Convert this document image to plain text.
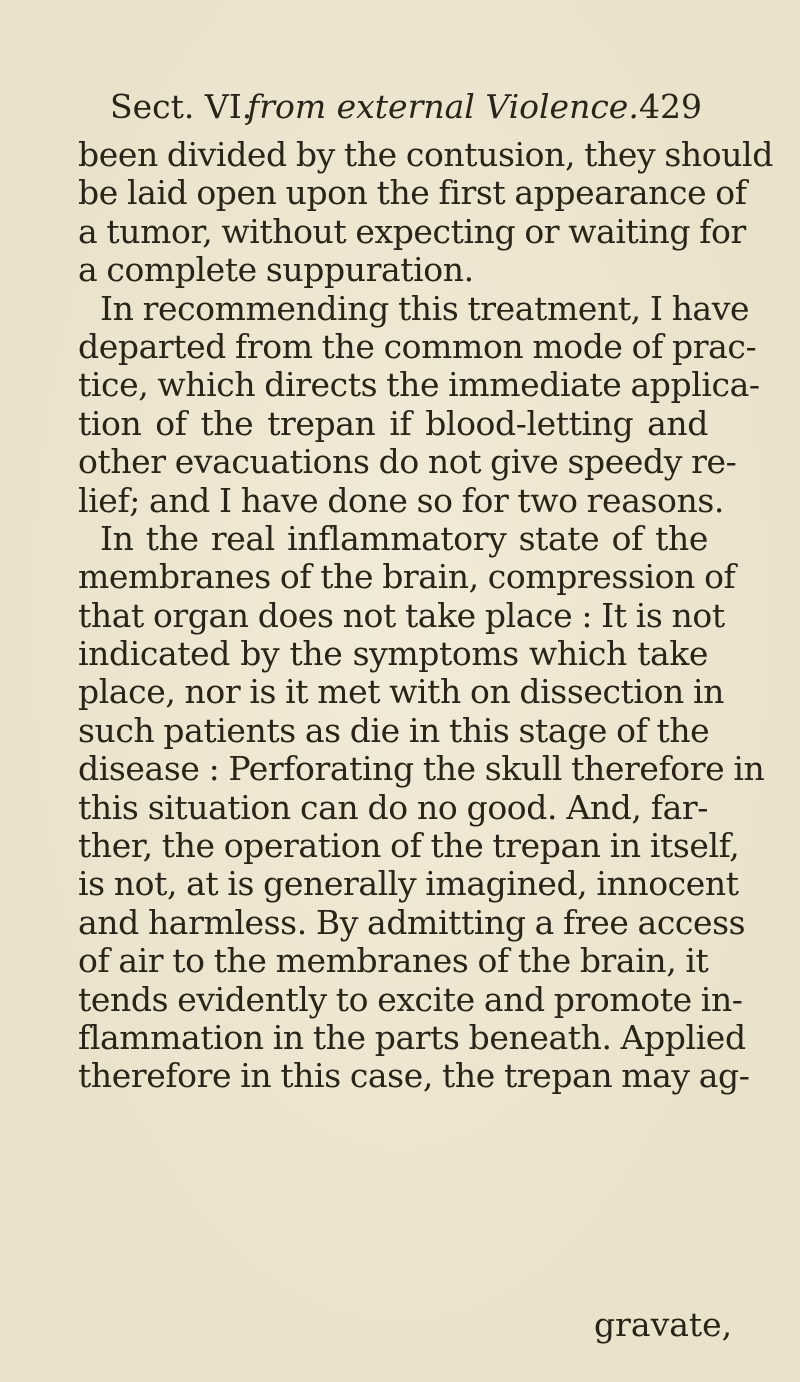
Sect. VI.
from external Violence. 429
been divided by the contusion, they should
be laid open upon the first appearance of
a tumor, without expecting or waiting for
a complete suppuration.
In recommending this treatment, I have
departed from the common mode of prac-
tice, which directs the immediate applica-
tion of the trepan if blood-letting and
other evacuations do not give speedy re-
lief; and I have done so for two reasons.
In the real inflammatory state of the
membranes of the brain, compression of
that organ does not take place : It is not
indicated by the symptoms which take
place, nor is it met with on dissection in
such patients as die in this stage of the
disease : Perforating the skull therefore in
this situation can do no good. And, far-
ther, the operation of the trepan in itself,
is not, at is generally imagined, innocent
and harmless. By admitting a free access
of air to the membranes of the brain, it
tends evidently to excite and promote in-
flammation in the parts beneath. Applied
therefore in this case, the trepan may ag-
gravate,
